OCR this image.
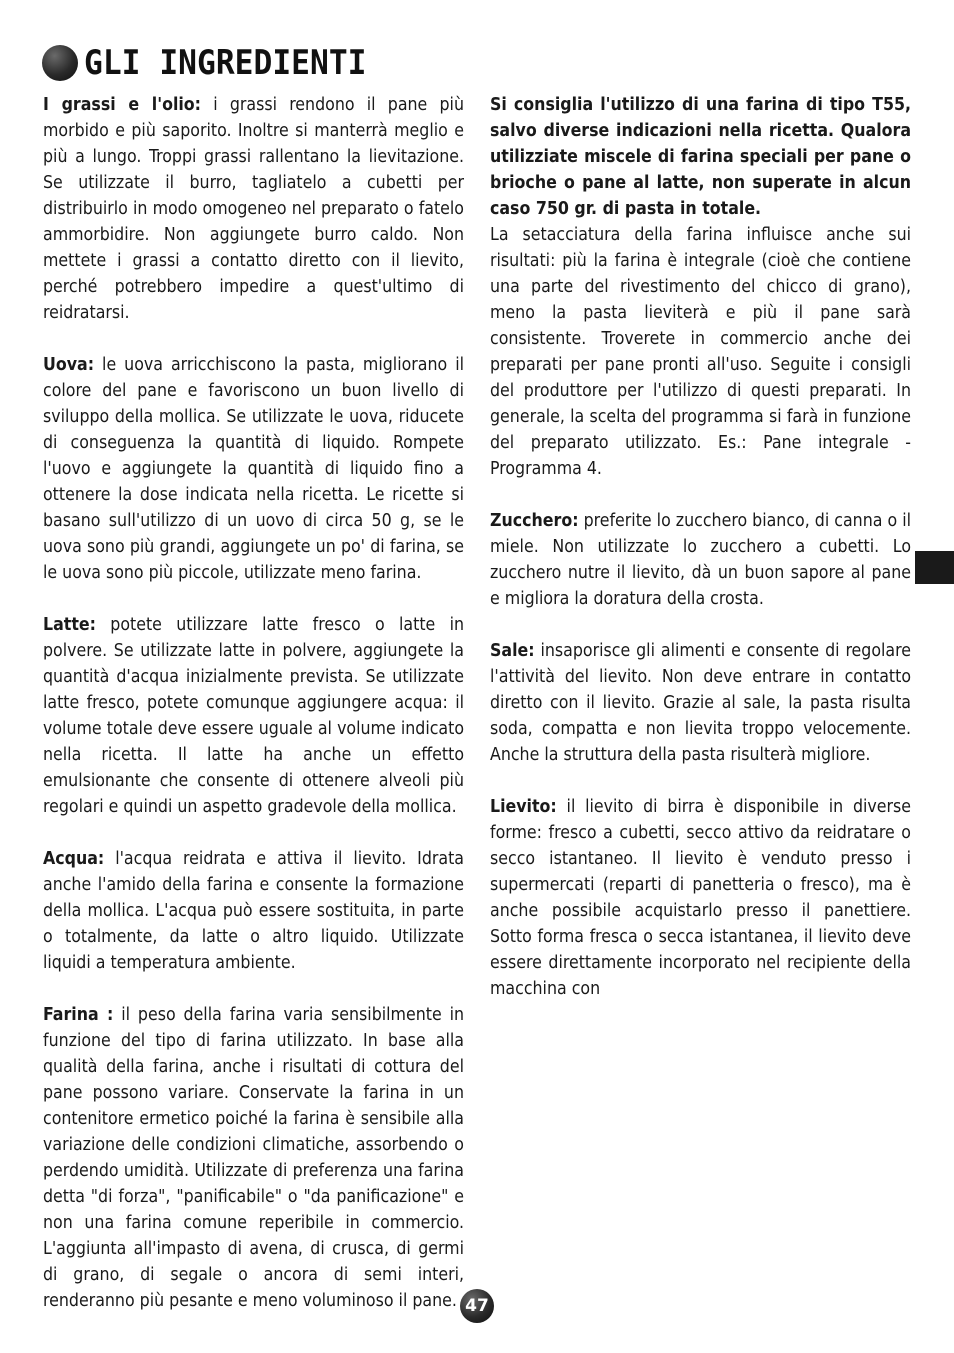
GLI INGREDIENTI

I grassi e l'olio: i grassi rendono il pane più morbido e più saporito. Inoltre si manterrà meglio e più a lungo. Troppi grassi rallentano la lievitazione. Se utilizzate il burro, tagliatelo a cubetti per distribuirlo in modo omogeneo nel preparato o fatelo ammorbidire. Non aggiungete burro caldo. Non mettete i grassi a contatto diretto con il lievito, perché potrebbero impedire a quest'ultimo di reidratarsi.

Uova: le uova arricchiscono la pasta, migliorano il colore del pane e favoriscono un buon livello di sviluppo della mollica. Se utilizzate le uova, riducete di conseguenza la quantità di liquido. Rompete l'uovo e aggiungete la quantità di liquido fino a ottenere la dose indicata nella ricetta. Le ricette si basano sull'utilizzo di un uovo di circa 50 g, se le uova sono più grandi, aggiungete un po' di farina, se le uova sono più piccole, utilizzate meno farina.

Latte: potete utilizzare latte fresco o latte in polvere. Se utilizzate latte in polvere, aggiungete la quantità d'acqua inizialmente prevista. Se utilizzate latte fresco, potete comunque aggiungere acqua: il volume totale deve essere uguale al volume indicato nella ricetta. Il latte ha anche un effetto emulsionante che consente di ottenere alveoli più regolari e quindi un aspetto gradevole della mollica.

Acqua: l'acqua reidrata e attiva il lievito. Idrata anche l'amido della farina e consente la formazione della mollica. L'acqua può essere sostituita, in parte o totalmente, da latte o altro liquido. Utilizzate liquidi a temperatura ambiente.

Farina : il peso della farina varia sensibilmente in funzione del tipo di farina utilizzato. In base alla qualità della farina, anche i risultati di cottura del pane possono variare. Conservate la farina in un contenitore ermetico poiché la farina è sensibile alla variazione delle condizioni climatiche, assorbendo o perdendo umidità. Utilizzate di preferenza una farina detta "di forza", "panificabile" o "da panificazione" e non una farina comune reperibile in commercio. L'aggiunta all'impasto di avena, di crusca, di germi di grano, di segale o ancora di semi interi, renderanno più pesante e meno voluminoso il pane.

Si consiglia l'utilizzo di una farina di tipo T55, salvo diverse indicazioni nella ricetta. Qualora utilizziate miscele di farina speciali per pane o brioche o pane al latte, non superate in alcun caso 750 gr. di pasta in totale.

La setacciatura della farina influisce anche sui risultati: più la farina è integrale (cioè che contiene una parte del rivestimento del chicco di grano), meno la pasta lieviterà e più il pane sarà consistente. Troverete in commercio anche dei preparati per pane pronti all'uso. Seguite i consigli del produttore per l'utilizzo di questi preparati. In generale, la scelta del programma si farà in funzione del preparato utilizzato. Es.: Pane integrale - Programma 4.

Zucchero: preferite lo zucchero bianco, di canna o il miele. Non utilizzate lo zucchero a cubetti. Lo zucchero nutre il lievito, dà un buon sapore al pane e migliora la doratura della crosta.

Sale: insaporisce gli alimenti e consente di regolare l'attività del lievito. Non deve entrare in contatto diretto con il lievito. Grazie al sale, la pasta risulta soda, compatta e non lievita troppo velocemente. Anche la struttura della pasta risulterà migliore.

Lievito: il lievito di birra è disponibile in diverse forme: fresco a cubetti, secco attivo da reidratare o secco istantaneo. Il lievito è venduto presso i supermercati (reparti di panetteria o fresco), ma è anche possibile acquistarlo presso il panettiere. Sotto forma fresca o secca istantanea, il lievito deve essere direttamente incorporato nel recipiente della macchina con

47
